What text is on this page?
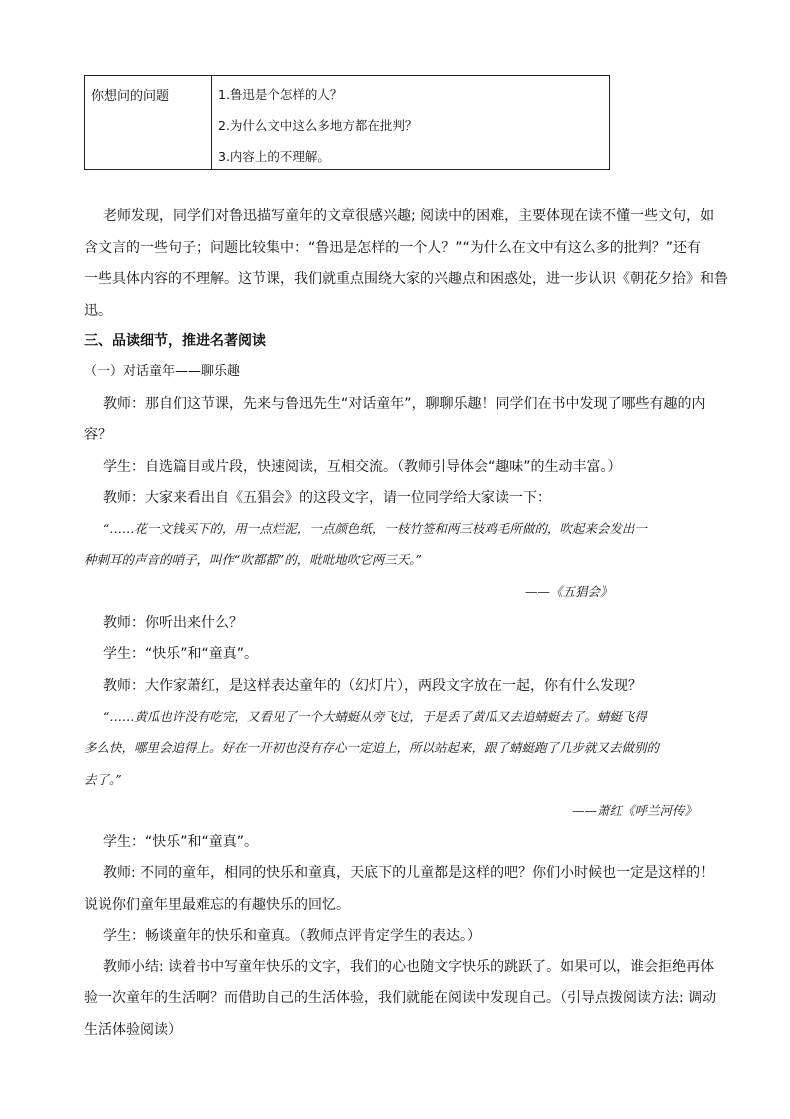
你想问的问题	1.鲁迅是个怎样的人？
2.为什么文中这么多地方都在批判？
3.内容上的不理解。
老师发现，同学们对鲁迅描写童年的文章很感兴趣; 阅读中的困难，主要体现在读不懂一些文句，如
含文言的一些句子；问题比较集中：“鲁迅是怎样的一个人？”“为什么在文中有这么多的批判？”还有
一些具体内容的不理解。这节课，我们就重点围绕大家的兴趣点和困惑处，进一步认识《朝花夕拾》和鲁
迅。
三、品读细节，推进名著阅读
（一）对话童年——聊乐趣
教师：那自们这节课，先来与鲁迅先生“对话童年”，聊聊乐趣！同学们在书中发现了哪些有趣的内
容？
学生：自选篇目或片段，快速阅读，互相交流。（教师引导体会“趣味”的生动丰富。）
教师：大家来看出自《五猖会》的这段文字，请一位同学给大家读一下：
“……花一文钱买下的，用一点烂泥，一点颜色纸，一枝竹签和两三枝鸡毛所做的，吹起来会发出一
种刺耳的声音的哨子，叫作“吹都都”的，吡吡地吹它两三天。”
——《五猖会》
教师：你听出来什么？
学生：“快乐”和“童真”。
教师：大作家萧红，是这样表达童年的（幻灯片），两段文字放在一起，你有什么发现？
“……黄瓜也许没有吃完，又看见了一个大蜻蜓从旁飞过，于是丢了黄瓜又去追蜻蜓去了。蜻蜓飞得
多么快，哪里会追得上。好在一开初也没有存心一定追上，所以站起来，跟了蜻蜓跑了几步就又去做别的
去了。”
——萧红《呼兰河传》
学生：“快乐”和“童真”。
教师: 不同的童年，相同的快乐和童真，天底下的儿童都是这样的吧？你们小时候也一定是这样的！
说说你们童年里最难忘的有趣快乐的回忆。
学生：畅谈童年的快乐和童真。（教师点评肯定学生的表达。）
教师小结: 读着书中写童年快乐的文字，我们的心也随文字快乐的跳跃了。如果可以，谁会拒绝再体
验一次童年的生活啊？而借助自己的生活体验，我们就能在阅读中发现自己。（引导点拨阅读方法: 调动
生活体验阅读）
